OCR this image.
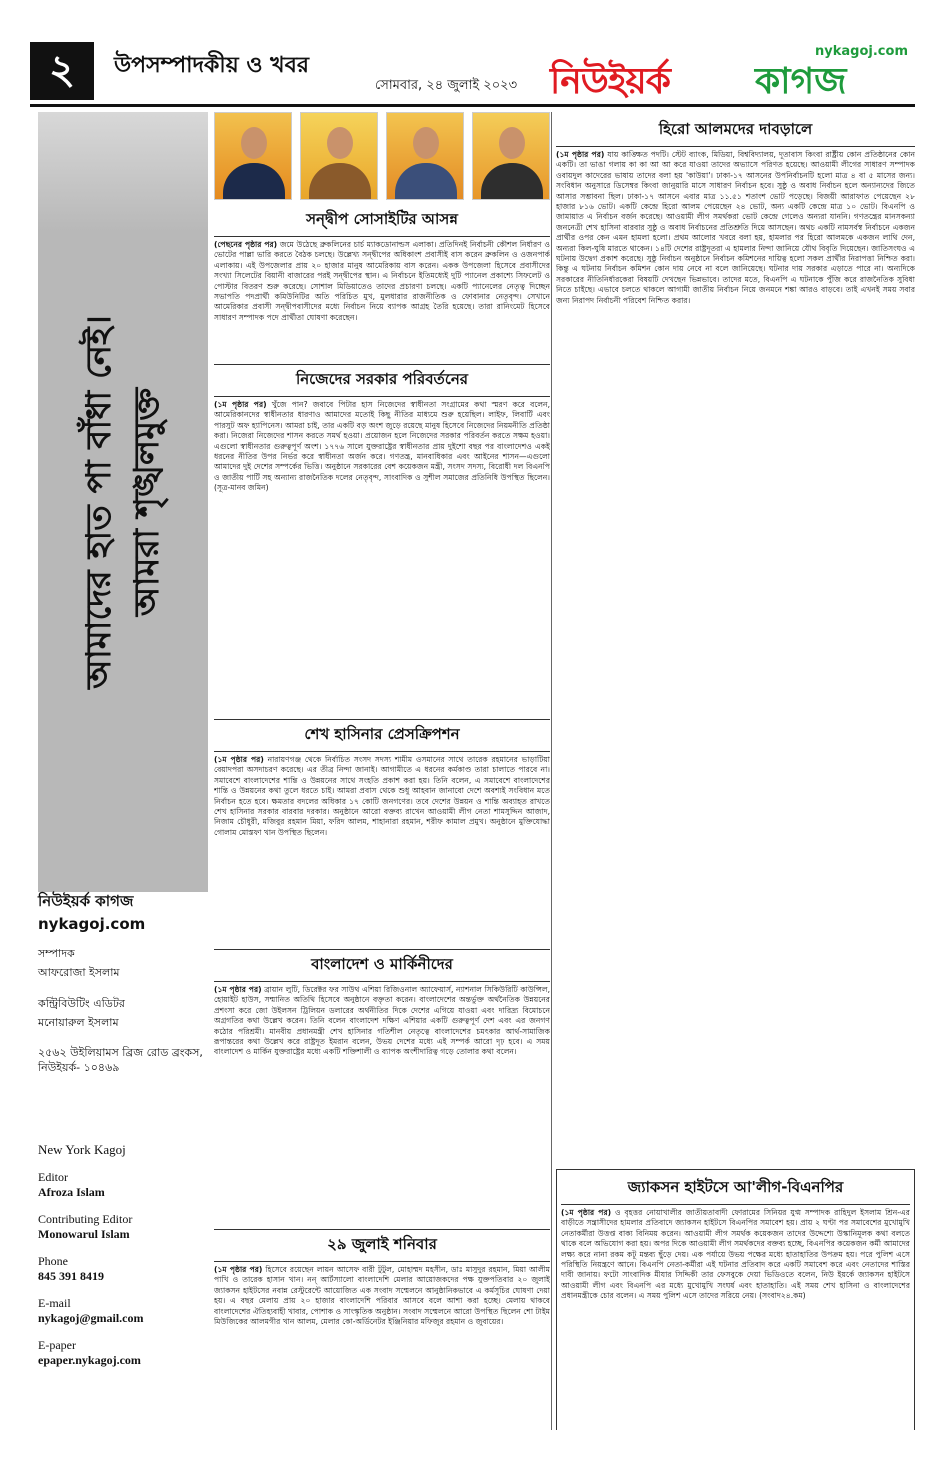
২	উপসম্পাদকীয় ও খবর
সোমবার, ২৪ জুলাই ২০২৩ নিউইয়র্ক কাগজ
nykagoj.com
আমাদের হাত পা বাঁধা নেই। আমরা শৃঙ্খলমুক্ত
নিউইয়র্ক কাগজ
nykagoj.com
সম্পাদক
আফরোজা ইসলাম
কন্ট্রিবিউটিং এডিটর
মনোয়ারুল ইসলাম
২৫৬২ উইলিয়ামস ব্রিজ রোড ব্রংকস, নিউইয়র্ক- ১০৪৬৯
New York Kagoj
Editor
Afroza Islam
Contributing Editor
Monowarul Islam
Phone
845 391 8419
E-mail
nykagoj@gmail.com
E-paper
epaper.nykagoj.com
সন্দ্বীপ সোসাইটির আসন্ন
(পেছনের পৃষ্ঠার পর) জমে উঠেছে ব্রুকলিনের চার্চ ম্যাকডোনাল্ডস এলাকা। প্রতিদিনই নির্বাচনী কৌশল নির্ধারণ ও ভোটের পাল্লা ভারি করতে বৈঠক চলছে। উল্লেখ্য সন্দ্বীপের অধিকাংশ প্রবাসীই বাস করেন ব্রুকলিন ও ওজনপার্ক এলাকায়। এই উপজেলার প্রায় ২০ হাজার মানুষ আমেরিকায় বাস করেন। একক উপজেলা হিসেবে প্রবাসীদের সংখ্যা সিলেটের বিয়ানী বাজারের পরই সন্দ্বীপের স্থান। এ নির্বাচনে ইতিমধ্যেই দুটি প্যানেল প্রকাশ্যে সিফলেট ও পোস্টার বিতরণ শুরু করেছে। সোশাল মিডিয়াতেও তাদের প্রচারণা চলছে। একটি প্যানেলের নেতৃত্ব দিচ্ছেন সভাপতি পদপ্রার্থী কমিউনিটির অতি পরিচিত মুখ, মুলধারার রাজনীতিক ও ফোবানার নেতৃবৃন্দ। সেখানে আমেরিকার প্রবাসী সন্দ্বীপবাসীদের মধ্যে নির্বাচন নিয়ে ব্যাপক আগ্রহ তৈরি হয়েছে। তারা রানিংমেট হিসেবে সাধারণ সম্পাদক পদে প্রার্থীতা ঘোষণা করেছেন।
নিজেদের সরকার পরিবর্তনের
(১ম পৃষ্ঠার পর) খুঁজে পান? জবাবে পিটার হাস নিজেদের স্বাধীনতা সংগ্রামের কথা স্মরণ করে বলেন, আমেরিকানদের স্বাধীনতার ধারণাও আমাদের মতোই কিছু নীতির মাধ্যমে শুরু হয়েছিল। লাইফ, লিবার্টি এবং পারসুট অফ হ্যাপিনেস। আমরা চাই, তার একটি বড় অংশ জুড়ে রয়েছে মানুষ হিসেবে নিজেদের নিয়মনীতি প্রতিষ্ঠা করা। নিজেরা নিজেদের শাসন করতে সমর্থ হওয়া। প্রয়োজন হলে নিজেদের সরকার পরিবর্তন করতে সক্ষম হওয়া। এগুলো স্বাধীনতার গুরুত্বপূর্ণ অংশ। ১৭৭৬ সালে যুক্তরাষ্ট্রের স্বাধীনতার প্রায় দুইশো বছর পর বাংলাদেশও একই ধরনের নীতির উপর নির্ভর করে স্বাধীনতা অর্জন করে। গণতন্ত্র, মানবাধিকার এবং আইনের শাসন—এগুলো আমাদের দুই দেশের সম্পর্কের ভিত্তি। অনুষ্ঠানে সরকারের বেশ কয়েকজন মন্ত্রী, সংসদ সদস্য, বিরোধী দল বিএনপি ও জাতীয় পার্টি সহ অন্যান্য রাজনৈতিক দলের নেতৃবৃন্দ, সাংবাদিক ও সুশীল সমাজের প্রতিনিধি উপস্থিত ছিলেন। (সূত্র-মানব জমিন)
শেখ হাসিনার প্রেসক্রিপশন
(১ম পৃষ্ঠার পর) নারায়ণগঞ্জ থেকে নির্বাচিত সংসদ সদস্য শামীম ওসমানের সাথে তারেক রহমানের ভাড়াটিয়া বেয়াদপরা অসদাচরণ করেছে। এর তীব্র নিন্দা জানাই। আগামীতে এ ধরনের কর্মকাণ্ড তারা চালাতে পারবে না। সমাবেশে বাংলাদেশের শান্তি ও উন্নয়নের সাথে সংহতি প্রকাশ করা হয়। তিনি বলেন, এ সমাবেশে বাংলাদেশের শান্তি ও উন্নয়নের কথা তুলে ধরতে চাই। আমরা প্রবাস থেকে শুধু আহবান জানাবো দেশে অবশ্যই সংবিধান মতে নির্বাচন হতে হবে। ক্ষমতার বদলের অধিকার ১৭ কোটি জনগণের। তবে দেশের উন্নয়ন ও শান্তি অব্যাহত রাখতে শেখ হাসিনার সরকার বারবার দরকার। অনুষ্ঠানে আরো বক্তব্য রাখেন আওয়ামী লীগ নেতা শামসুদ্দিন আজাদ, নিজাম চৌধুরী, মজিবুর রহমান মিয়া, ফরিদ আলম, শাহানারা রহমান, শরীফ কামাল প্রমুখ। অনুষ্ঠানে মুক্তিযোদ্ধা গোলাম মোস্তফা খান উপস্থিত ছিলেন।
বাংলাদেশ ও মার্কিনীদের
(১ম পৃষ্ঠার পর) ব্রায়ান লুটি, ডিরেক্টর ফর সাউথ এশিয়া রিজিওনাল অ্যাফেয়ার্স, ন্যাশনাল সিকিউরিটি কাউন্সিল, হোয়াইট হাউস, সম্মানিত অতিথি হিসেবে অনুষ্ঠানে বক্তৃতা করেন। বাংলাদেশের অন্তর্ভুক্ত অর্থনৈতিক উন্নয়নের প্রশংসা করে জো উইলসন ট্রিলিয়ন ডলারের অর্থনীতির দিকে দেশের এগিয়ে যাওয়া এবং দারিদ্র্য বিমোচনে অগ্রগতির কথা উল্লেখ করেন। তিনি বলেন বাংলাদেশ দক্ষিণ এশিয়ার একটি গুরুত্বপূর্ণ দেশ এবং এর জনগণ কঠোর পরিশ্রমী। মানবীয় প্রধানমন্ত্রী শেখ হাসিনার গতিশীল নেতৃত্বে বাংলাদেশের চমৎকার আর্থ-সামাজিক রূপান্তরের কথা উল্লেখ করে রাষ্ট্রদূত ইমরান বলেন, উভয় দেশের মধ্যে এই সম্পর্ক আরো দৃঢ় হবে। এ সময় বাংলাদেশ ও মার্কিন যুক্তরাষ্ট্রের মধ্যে একটি শক্তিশালী ও ব্যাপক অংশীদারিত্ব গড়ে তোলার কথা বলেন।
২৯ জুলাই শনিবার
(১ম পৃষ্ঠার পর) হিসেবে রয়েছেন লায়ন আসেফ বারী টুটুল, মোহাম্মদ মহসীন, ডাঃ মাসুদুর রহমান, মিয়া আলীম পাখি ও তারেক হাসান খান। নন্ আর্টস্যালো বাংলাদেশি মেলার আয়োজকদের পক্ষ যুক্তপতিবার ২০ জুলাই জ্যাকসন হাইটসের নবান্ন রেস্টুরেন্টে আয়োজিত এক সংবাদ সম্মেলনে আনুষ্ঠানিকভাবে এ কর্মসূচির ঘোষণা দেয়া হয়। এ বছর মেলায় প্রায় ২০ হাজার বাংলাদেশি পরিবার আসবে বলে আশা করা হচ্ছে। মেলায় থাকবে বাংলাদেশের ঐতিহ্যবাহী খাবার, পোশাক ও সাংস্কৃতিক অনুষ্ঠান। সংবাদ সম্মেলনে আরো উপস্থিত ছিলেন শো টাইম মিউজিকের আলমগীর খান আলম, মেলার কো-অর্ডিনেটর ইঞ্জিনিয়ার মফিজুর রহমান ও জুবায়ের।
হিরো আলমদের দাবড়ালে
(১ম পৃষ্ঠার পর) যায় কাঙ্ক্ষিত পদটি। স্টেট ব্যাংক, মিডিয়া, বিশ্ববিদ্যালয়, দূতাবাস কিংবা রাষ্ট্রীয় কোন প্রতিষ্ঠানের কোন একটি। তা ভাঙা গলায় কা কা আ আ করে যাওয়া তাদের অভ্যাসে পরিণত হয়েছে। আওয়ামী লীগের সাধারণ সম্পাদক ওবায়দুল কাদেরের ভাষায় তাদের বলা হয় 'কাউয়া'। ঢাকা-১৭ আসনের উপনির্বাচনটি হলো মাত্র ৪ বা ৫ মাসের জন্য। সংবিধান অনুসারে ডিসেম্বর কিংবা জানুয়ারি মাসে সাধারণ নির্বাচন হবে। সুষ্ঠু ও অবাধ নির্বাচন হলে অন্যান্যদের জিতে আসার সম্ভাবনা ছিল। ঢাকা-১৭ আসনে এবার মাত্র ১১.৫১ শতাংশ ভোট পড়েছে। বিজয়ী আরাফাত পেয়েছেন ২৮ হাজার ৮১৬ ভোট। একটি কেন্দ্রে হিরো আলম পেয়েছেন ২৪ ভোট, অন্য একটি কেন্দ্রে মাত্র ১০ ভোট। বিএনপি ও জামায়াত এ নির্বাচন বর্জন করেছে। আওয়ামী লীগ সমর্থকরা ভোট কেন্দ্রে গেলেও অন্যরা যাননি। গণতন্ত্রের মানসকন্যা জননেত্রী শেখ হাসিনা বারবার সুষ্ঠু ও অবাধ নির্বাচনের প্রতিশ্রুতি দিয়ে আসছেন। অথচ একটি নামসর্বস্ব নির্বাচনে একজন প্রার্থীর ওপর কেন এমন হামলা হলো। প্রথম আলোর খবরে বলা হয়, হামলার পর হিরো আলমকে একজন লাথি দেন, অন্যরা কিল-ঘুষি মারতে থাকেন। ১৪টি দেশের রাষ্ট্রদূতরা এ হামলার নিন্দা জানিয়ে যৌথ বিবৃতি দিয়েছেন। জাতিসংঘও এ ঘটনায় উদ্বেগ প্রকাশ করেছে। সুষ্ঠু নির্বাচন অনুষ্ঠানে নির্বাচন কমিশনের দায়িত্ব হলো সকল প্রার্থীর নিরাপত্তা নিশ্চিত করা। কিন্তু এ ঘটনায় নির্বাচন কমিশন কোন দায় নেবে না বলে জানিয়েছে। ঘটনার দায় সরকার এড়াতে পারে না। অন্যদিকে সরকারের নীতিনির্ধারকেরা বিষয়টি দেখছেন ভিন্নভাবে। তাদের মতে, বিএনপি এ ঘটনাকে পুঁজি করে রাজনৈতিক সুবিধা নিতে চাইছে। এভাবে চলতে থাকলে আগামী জাতীয় নির্বাচন নিয়ে জনমনে শঙ্কা আরও বাড়বে। তাই এখনই সময় সবার জন্য নিরাপদ নির্বাচনী পরিবেশ নিশ্চিত করার।
জ্যাকসন হাইটসে আ'লীগ-বিএনপির
(১ম পৃষ্ঠার পর) ও বৃহত্তর নোয়াখালীর জাতীয়তাবাদী ফোরামের সিনিয়র যুগ্ম সম্পাদক রাহিদুল ইসলাম শ্রিন-এর বাড়ীতে সন্ত্রাসীদের হামলার প্রতিবাদে জ্যাকসন হাইটসে বিএনপির সমাবেশ হয়। প্রায় ২ ঘণ্টা পর সমাবেশের মুখোমুখি নেতাকর্মীরা উত্তপ্ত বাক্য বিনিময় করেন। আওয়ামী লীগ সমর্থক কয়েকজন তাদের উদ্দেশ্যে উস্কানিমূলক কথা বলতে থাকে বলে অভিযোগ করা হয়। অপর দিকে আওয়ামী লীগ সমর্থকদের বক্তব্য হচ্ছে, বিএনপির কয়েকজন কর্মী আমাদের লক্ষ্য করে নানা রকম কটূ মন্তব্য ছুঁড়ে দেয়। এক পর্যায়ে উভয় পক্ষের মধ্যে হাতাহাতির উপক্রম হয়। পরে পুলিশ এসে পরিস্থিতি নিয়ন্ত্রণে আনে। বিএনপি নেতা-কর্মীরা এই ঘটনার প্রতিবাদ করে একটি সমাবেশ করে এবং নেতাদের শাস্তির দাবী জানায়। ফটো সাংবাদিক মীযার সিদ্দিকী তার ফেসবুকে দেয়া ভিডিওতে বলেন, নিউ ইয়র্কে জ্যাকসন হাইটসে আওয়ামী লীগ এবং বিএনপি এর মধ্যে মুখোমুখি সংঘর্ষ এবং হাতাহাতি। এই সময় শেখ হাসিনা ও বাংলাদেশের প্রধানমন্ত্রীকে চোর বলেন। এ সময় পুলিশ এসে তাদের সরিয়ে নেয়। (সংবাদ২৪.কম)
